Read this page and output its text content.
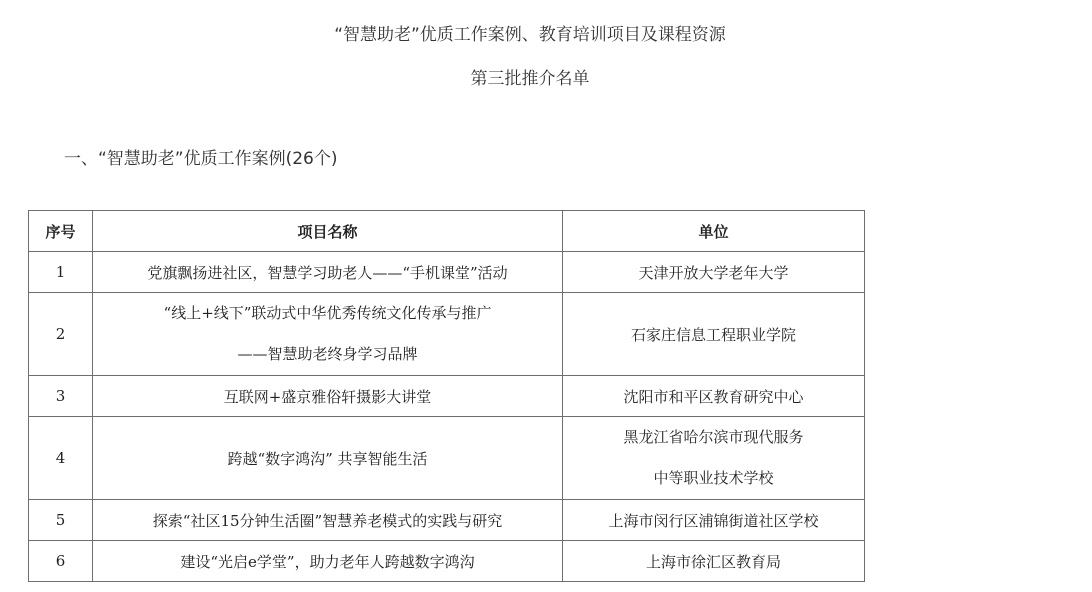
“智慧助老”优质工作案例、教育培训项目及课程资源
第三批推介名单
一、“智慧助老”优质工作案例(26个)
序号	项目名称	单位
1	党旗飘扬进社区，智慧学习助老人——“手机课堂”活动	天津开放大学老年大学
2	“线上+线下”联动式中华优秀传统文化传承与推广
——智慧助老终身学习品牌	石家庄信息工程职业学院
3	互联网+盛京雅俗轩摄影大讲堂	沈阳市和平区教育研究中心
4	跨越“数字鸿沟” 共享智能生活	黑龙江省哈尔滨市现代服务
中等职业技术学校

5	探索“社区15分钟生活圈”智慧养老模式的实践与研究	上海市闵行区浦锦街道社区学校
6	建设“光启e学堂”，助力老年人跨越数字鸿沟	上海市徐汇区教育局
